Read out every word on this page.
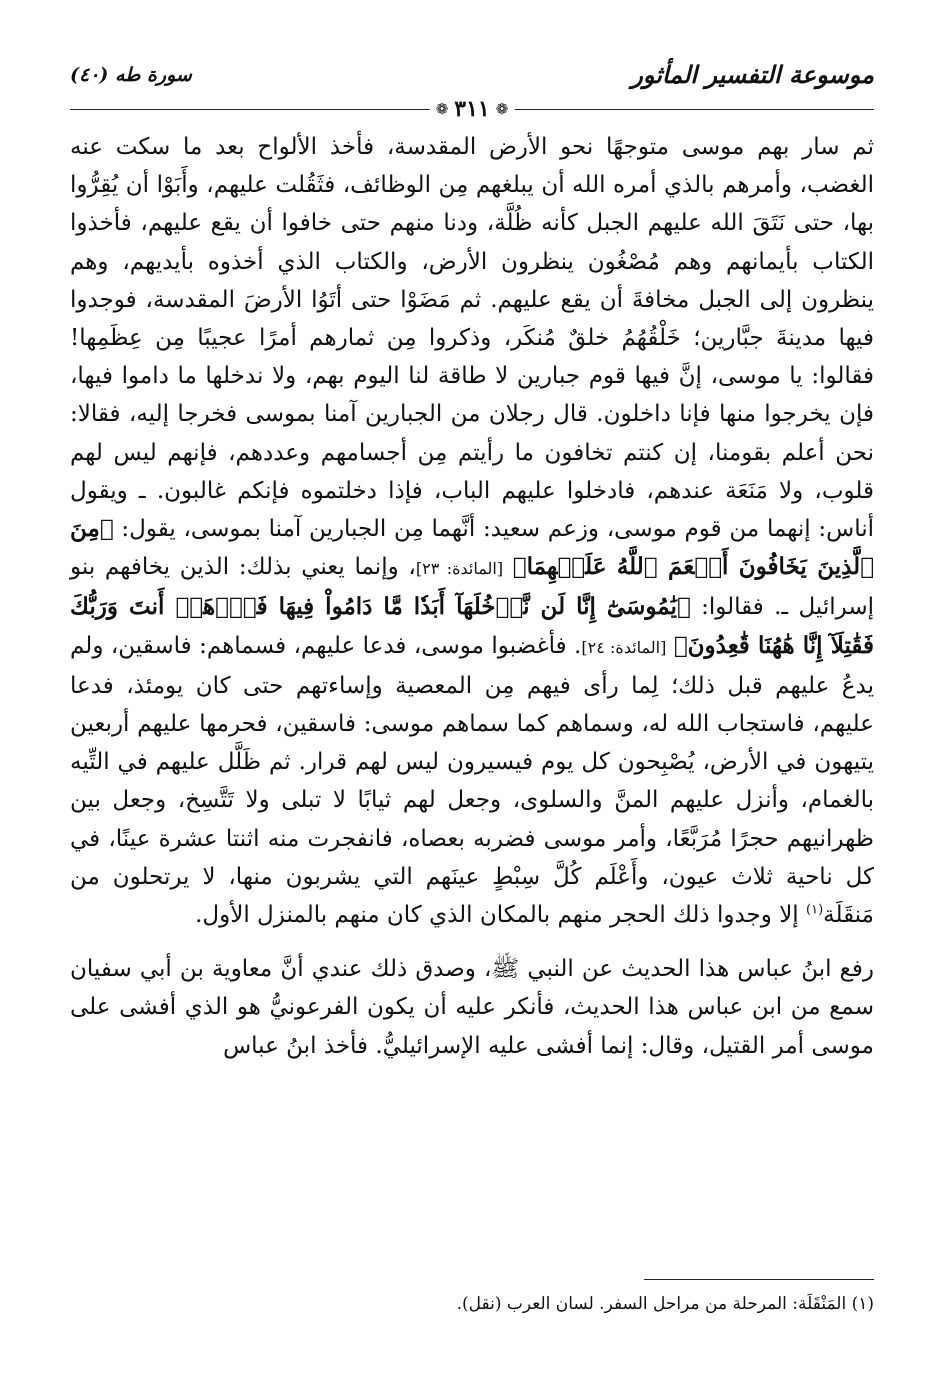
موسوعة التفسير المأثور
سورة طه (٤٠)
❁
٣١١
❁

ثم سار بهم موسى متوجهًا نحو الأرض المقدسة، فأخذ الألواح بعد ما سكت عنه الغضب، وأمرهم بالذي أمره الله أن يبلغهم مِن الوظائف، فثَقُلت عليهم، وأَبَوْا أن يُقِرُّوا بها، حتى نَتَقَ الله عليهم الجبل كأنه ظُلَّة، ودنا منهم حتى خافوا أن يقع عليهم، فأخذوا الكتاب بأيمانهم وهم مُصْغُون ينظرون الأرض، والكتاب الذي أخذوه بأيديهم، وهم ينظرون إلى الجبل مخافةَ أن يقع عليهم. ثم مَضَوْا حتى أتَوُا الأرضَ المقدسة، فوجدوا فيها مدينةَ جبَّارين؛ خَلْقُهُمُ خلقٌ مُنكَر، وذكروا مِن ثمارهم أمرًا عجيبًا مِن عِظَمِها! فقالوا: يا موسى، إنَّ فيها قوم جبارين لا طاقة لنا اليوم بهم، ولا ندخلها ما داموا فيها، فإن يخرجوا منها فإنا داخلون. قال رجلان من الجبارين آمنا بموسى فخرجا إليه، فقالا: نحن أعلم بقومنا، إن كنتم تخافون ما رأيتم مِن أجسامهم وعددهم، فإنهم ليس لهم قلوب، ولا مَنَعَة عندهم، فادخلوا عليهم الباب، فإذا دخلتموه فإنكم غالبون. ـ ويقول أناس: إنهما من قوم موسى، وزعم سعيد: أنَّهما مِن الجبارين آمنا بموسى، يقول: ﴿مِنَ ٱلَّذِينَ يَخَافُونَ أَنۡعَمَ ٱللَّهُ عَلَيۡهِمَا﴾ [المائدة: ٢٣]، وإنما يعني بذلك: الذين يخافهم بنو إسرائيل ـ. فقالوا: ﴿يَٰمُوسَىٰٓ إِنَّا لَن نَّدۡخُلَهَآ أَبَدٗا مَّا دَامُواْ فِيهَا فَٱذۡهَبۡ أَنتَ وَرَبُّكَ فَقَٰتِلَآ إِنَّا هَٰهُنَا قَٰعِدُونَ﴾ [المائدة: ٢٤]. فأغضبوا موسى، فدعا عليهم، فسماهم: فاسقين، ولم يدعُ عليهم قبل ذلك؛ لِما رأى فيهم مِن المعصية وإساءتهم حتى كان يومئذ، فدعا عليهم، فاستجاب الله له، وسماهم كما سماهم موسى: فاسقين، فحرمها عليهم أربعين يتيهون في الأرض، يُصْبِحون كل يوم فيسيرون ليس لهم قرار. ثم ظَلَّل عليهم في التِّيه بالغمام، وأنزل عليهم المنَّ والسلوى، وجعل لهم ثيابًا لا تبلى ولا تَتَّسِخ، وجعل بين ظهرانيهم حجرًا مُرَبَّعًا، وأمر موسى فضربه بعصاه، فانفجرت منه اثنتا عشرة عينًا، في كل ناحية ثلاث عيون، وأَعْلَم كُلَّ سِبْطٍ عينَهم التي يشربون منها، لا يرتحلون من مَنقَلَة$^{(١)}$ إلا وجدوا ذلك الحجر منهم بالمكان الذي كان منهم بالمنزل الأول.

رفع ابنُ عباس هذا الحديث عن النبي ﷺ، وصدق ذلك عندي أنَّ معاوية بن أبي سفيان سمع من ابن عباس هذا الحديث، فأنكر عليه أن يكون الفرعونيُّ هو الذي أفشى على موسى أمر القتيل، وقال: إنما أفشى عليه الإسرائيليُّ. فأخذ ابنُ عباس

(١) المَنْقَلَة: المرحلة من مراحل السفر. لسان العرب (نقل).
